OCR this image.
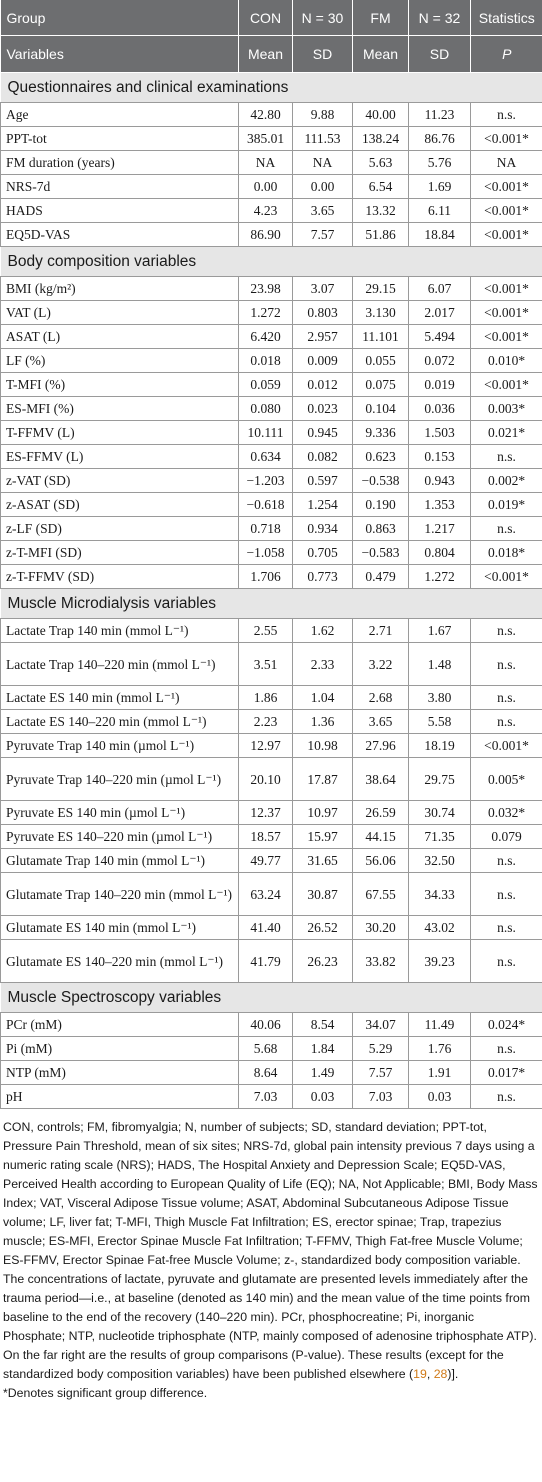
Group	CON	N = 30	FM	N = 32	Statistics
Variables	Mean	SD	Mean	SD	P
Questionnaires and clinical examinations					
Age	42.80	9.88	40.00	11.23	n.s.
PPT-tot	385.01	111.53	138.24	86.76	<0.001*
FM duration (years)	NA	NA	5.63	5.76	NA
NRS-7d	0.00	0.00	6.54	1.69	<0.001*
HADS	4.23	3.65	13.32	6.11	<0.001*
EQ5D-VAS	86.90	7.57	51.86	18.84	<0.001*
Body composition variables					
BMI (kg/m²)	23.98	3.07	29.15	6.07	<0.001*
VAT (L)	1.272	0.803	3.130	2.017	<0.001*
ASAT (L)	6.420	2.957	11.101	5.494	<0.001*
LF (%)	0.018	0.009	0.055	0.072	0.010*
T-MFI (%)	0.059	0.012	0.075	0.019	<0.001*
ES-MFI (%)	0.080	0.023	0.104	0.036	0.003*
T-FFMV (L)	10.111	0.945	9.336	1.503	0.021*
ES-FFMV (L)	0.634	0.082	0.623	0.153	n.s.
z-VAT (SD)	−1.203	0.597	−0.538	0.943	0.002*
z-ASAT (SD)	−0.618	1.254	0.190	1.353	0.019*
z-LF (SD)	0.718	0.934	0.863	1.217	n.s.
z-T-MFI (SD)	−1.058	0.705	−0.583	0.804	0.018*
z-T-FFMV (SD)	1.706	0.773	0.479	1.272	<0.001*
Muscle Microdialysis variables					
Lactate Trap 140 min (mmol L⁻¹)	2.55	1.62	2.71	1.67	n.s.
Lactate Trap 140–220 min (mmol L⁻¹)	3.51	2.33	3.22	1.48	n.s.
Lactate ES 140 min (mmol L⁻¹)	1.86	1.04	2.68	3.80	n.s.
Lactate ES 140–220 min (mmol L⁻¹)	2.23	1.36	3.65	5.58	n.s.
Pyruvate Trap 140 min (µmol L⁻¹)	12.97	10.98	27.96	18.19	<0.001*
Pyruvate Trap 140–220 min (µmol L⁻¹)	20.10	17.87	38.64	29.75	0.005*
Pyruvate ES 140 min (µmol L⁻¹)	12.37	10.97	26.59	30.74	0.032*
Pyruvate ES 140–220 min (µmol L⁻¹)	18.57	15.97	44.15	71.35	0.079
Glutamate Trap 140 min (mmol L⁻¹)	49.77	31.65	56.06	32.50	n.s.
Glutamate Trap 140–220 min (mmol L⁻¹)	63.24	30.87	67.55	34.33	n.s.
Glutamate ES 140 min (mmol L⁻¹)	41.40	26.52	30.20	43.02	n.s.
Glutamate ES 140–220 min (mmol L⁻¹)	41.79	26.23	33.82	39.23	n.s.
Muscle Spectroscopy variables					
PCr (mM)	40.06	8.54	34.07	11.49	0.024*
Pi (mM)	5.68	1.84	5.29	1.76	n.s.
NTP (mM)	8.64	1.49	7.57	1.91	0.017*
pH	7.03	0.03	7.03	0.03	n.s.

CON, controls; FM, fibromyalgia; N, number of subjects; SD, standard deviation; PPT-tot, Pressure Pain Threshold, mean of six sites; NRS-7d, global pain intensity previous 7 days using a numeric rating scale (NRS); HADS, The Hospital Anxiety and Depression Scale; EQ5D-VAS, Perceived Health according to European Quality of Life (EQ); NA, Not Applicable; BMI, Body Mass Index; VAT, Visceral Adipose Tissue volume; ASAT, Abdominal Subcutaneous Adipose Tissue volume; LF, liver fat; T-MFI, Thigh Muscle Fat Infiltration; ES, erector spinae; Trap, trapezius muscle; ES-MFI, Erector Spinae Muscle Fat Infiltration; T-FFMV, Thigh Fat-free Muscle Volume; ES-FFMV, Erector Spinae Fat-free Muscle Volume; z-, standardized body composition variable. The concentrations of lactate, pyruvate and glutamate are presented levels immediately after the trauma period—i.e., at baseline (denoted as 140 min) and the mean value of the time points from baseline to the end of the recovery (140–220 min). PCr, phosphocreatine; Pi, inorganic Phosphate; NTP, nucleotide triphosphate (NTP, mainly composed of adenosine triphosphate ATP).

On the far right are the results of group comparisons (P-value). These results (except for the standardized body composition variables) have been published elsewhere (19, 28)].

*Denotes significant group difference.
